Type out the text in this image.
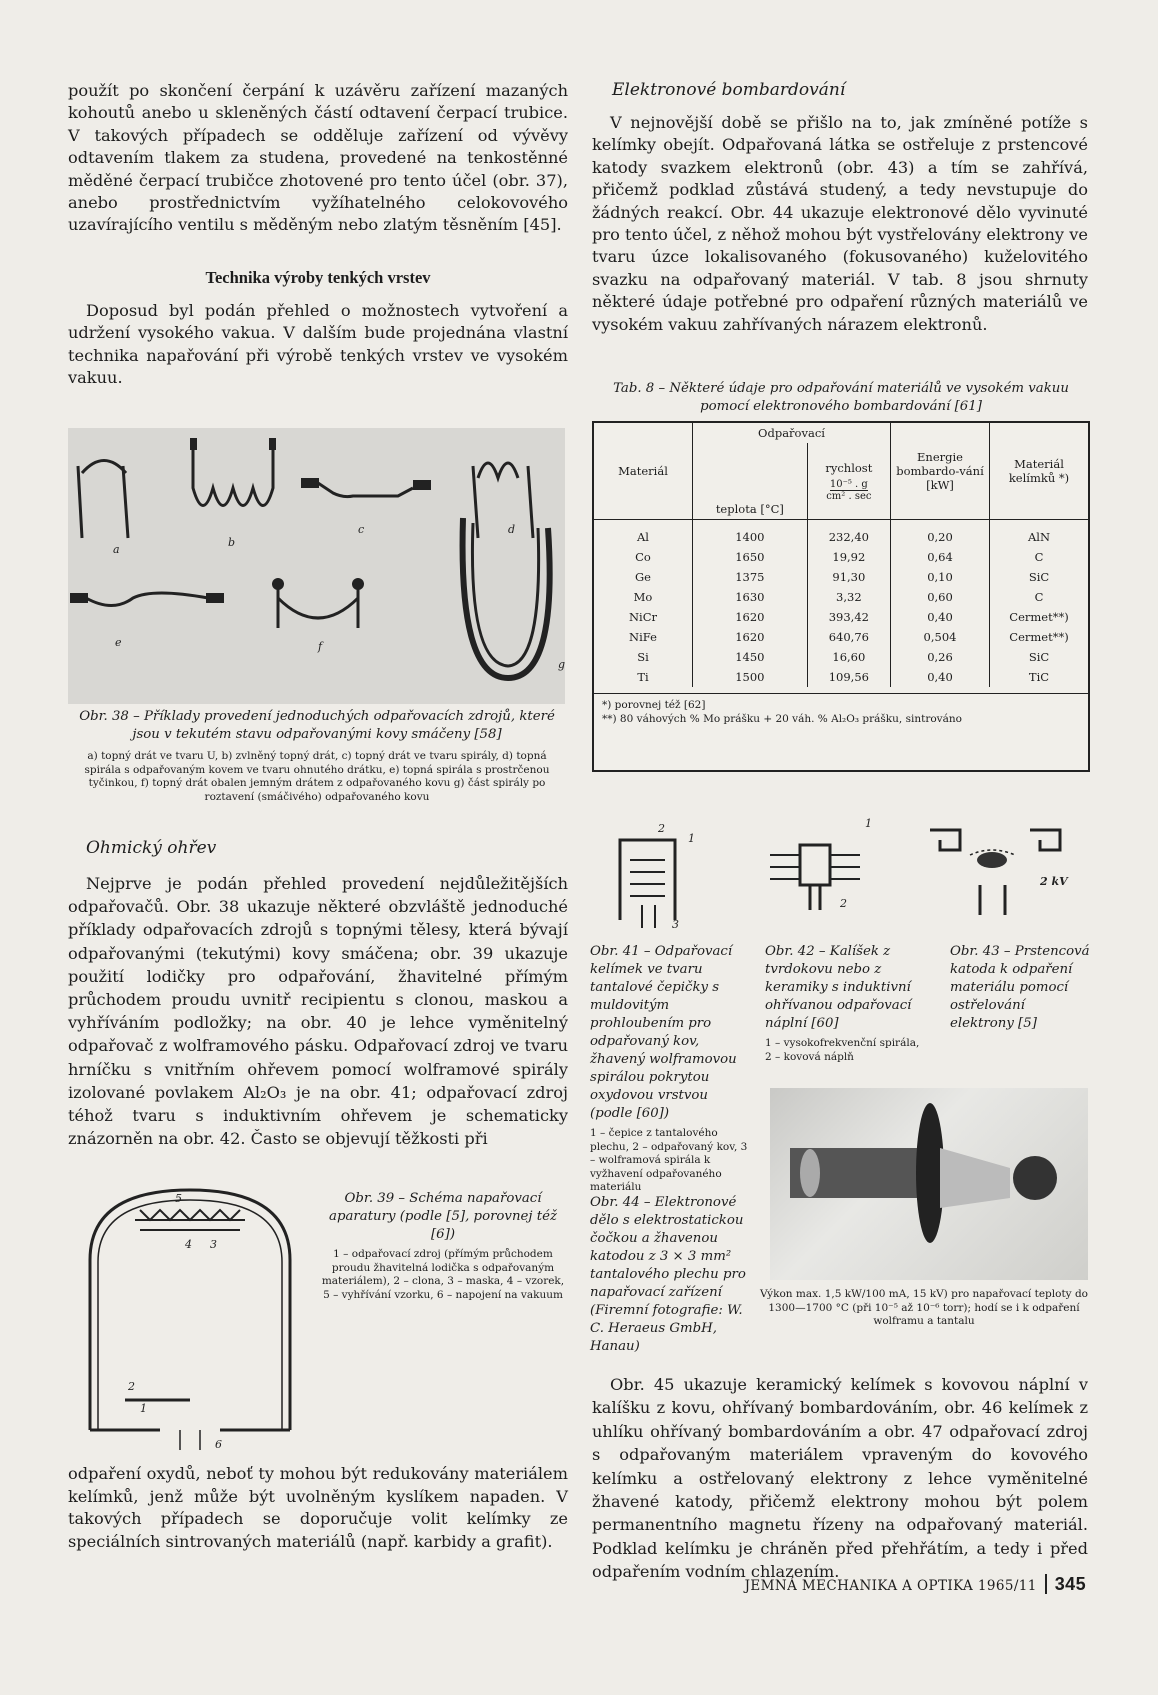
použít po skončení čerpání k uzávěru zařízení mazaných kohoutů anebo u skleněných částí odtavení čerpací trubice. V takových případech se odděluje zařízení od vývěvy odtavením tlakem za studena, provedené na tenkostěnné měděné čerpací trubičce zhotovené pro tento účel (obr. 37), anebo prostřednictvím vyžíhatelného celokovového uzavírajícího ventilu s měděným nebo zlatým těsněním [45].

Technika výroby tenkých vrstev

Doposud byl podán přehled o možnostech vytvoření a udržení vysokého vakua. V dalším bude projednána vlastní technika napařování při výrobě tenkých vrstev ve vysokém vakuu.

a
b
c	d
e	f
g

Obr. 38 – Příklady provedení jednoduchých odpařovacích zdrojů, které jsou v tekutém stavu odpařovanými kovy smáčeny [58]

a) topný drát ve tvaru U, b) zvlněný topný drát, c) topný drát ve tvaru spirály, d) topná spirála s odpařovaným kovem ve tvaru ohnutého drátku, e) topná spirála s prostrčenou tyčinkou, f) topný drát obalen jemným drátem z odpařovaného kovu g) část spirály po roztavení (smáčivého) odpařovaného kovu

Ohmický ohřev

Nejprve je podán přehled provedení nejdůležitějších odpařovačů. Obr. 38 ukazuje některé obzvláště jednoduché příklady odpařovacích zdrojů s topnými tělesy, která bývají odpařovanými (tekutými) kovy smáčena; obr. 39 ukazuje použití lodičky pro odpařování, žhavitelné přímým průchodem proudu uvnitř recipientu s clonou, maskou a vyhříváním podložky; na obr. 40 je lehce vyměnitelný odpařovač z wolframového pásku. Odpařovací zdroj ve tvaru hrníčku s vnitřním ohřevem pomocí wolframové spirály izolované povlakem Al₂O₃ je na obr. 41; odpařovací zdroj téhož tvaru s induktivním ohřevem je schematicky znázorněn na obr. 42. Často se objevují těžkosti při

5
4 3
2
1
6

Obr. 39 – Schéma napařovací aparatury (podle [5], porovnej též [6])

1 – odpařovací zdroj (přímým průchodem proudu žhavitelná lodička s odpařovaným materiálem), 2 – clona, 3 – maska, 4 – vzorek, 5 – vyhřívání vzorku, 6 – napojení na vakuum

odpaření oxydů, neboť ty mohou být redukovány materiálem kelímků, jenž může být uvolněným kyslíkem napaden. V takových případech se doporučuje volit kelímky ze speciálních sintrovaných materiálů (např. karbidy a grafit).

Elektronové bombardování

V nejnovější době se přišlo na to, jak zmíněné potíže s kelímky obejít. Odpařovaná látka se ostřeluje z prstencové katody svazkem elektronů (obr. 43) a tím se zahřívá, přičemž podklad zůstává studený, a tedy nevstupuje do žádných reakcí. Obr. 44 ukazuje elektronové dělo vyvinuté pro tento účel, z něhož mohou být vystřelovány elektrony ve tvaru úzce lokalisovaného (fokusovaného) kuželovitého svazku na odpařovaný materiál. V tab. 8 jsou shrnuty některé údaje potřebné pro odpaření různých materiálů ve vysokém vakuu zahřívaných nárazem elektronů.

Tab. 8 – Některé údaje pro odpařování materiálů ve vysokém vakuu pomocí elektronového bombardování [61]

Materiál	Odpařovací		Energie bombardo-vání [kW]	Materiál kelímků *)
	teplota [°C]	rychlost
10⁻⁵ . g
cm² . sec		

Al	1400	232,40	0,20	AlN
Co	1650	19,92	0,64	C
Ge	1375	91,30	0,10	SiC
Mo	1630	3,32	0,60	C
NiCr	1620	393,42	0,40	Cermet**)
NiFe	1620	640,76	0,504	Cermet**)
Si	1450	16,60	0,26	SiC
Ti	1500	109,56	0,40	TiC
*) porovnej též [62]
**) 80 váhových % Mo prášku + 20 váh. % Al₂O₃ prášku, sintrováno
2
1
3
1
2
2 kV

Obr. 41 – Odpařovací kelímek ve tvaru tantalové čepičky s muldovitým prohloubením pro odpařovaný kov, žhavený wolframovou spirálou pokrytou oxydovou vrstvou (podle [60])

1 – čepice z tantalového plechu, 2 – odpařovaný kov, 3 – wolframová spirála k vyžhavení odpařovaného materiálu

Obr. 42 – Kalíšek z tvrdokovu nebo z keramiky s induktivní ohřívanou odpařovací náplní [60]

1 – vysokofrekvenční spirála, 2 – kovová náplň

Obr. 43 – Prstencová katoda k odpaření materiálu pomocí ostřelování elektrony [5]

Obr. 44 – Elektronové dělo s elektrostatickou čočkou a žhavenou katodou z 3 × 3 mm² tantalového plechu pro napařovací zařízení (Firemní fotografie: W. C. Heraeus GmbH, Hanau)

Výkon max. 1,5 kW/100 mA, 15 kV) pro napařovací teploty do 1300—1700 °C (při 10⁻⁵ až 10⁻⁶ torr); hodí se i k odpaření wolframu a tantalu

Obr. 45 ukazuje keramický kelímek s kovovou náplní v kalíšku z kovu, ohřívaný bombardováním, obr. 46 kelímek z uhlíku ohřívaný bombardováním a obr. 47 odpařovací zdroj s odpařovaným materiálem vpraveným do kovového kelímku a ostřelovaný elektrony z lehce vyměnitelné žhavené katody, přičemž elektrony mohou být polem permanentního magnetu řízeny na odpařovaný materiál. Podklad kelímku je chráněn před přehřátím, a tedy i před odpařením vodním chlazením.

JEMNÁ MECHANIKA A OPTIKA 1965/11 345
